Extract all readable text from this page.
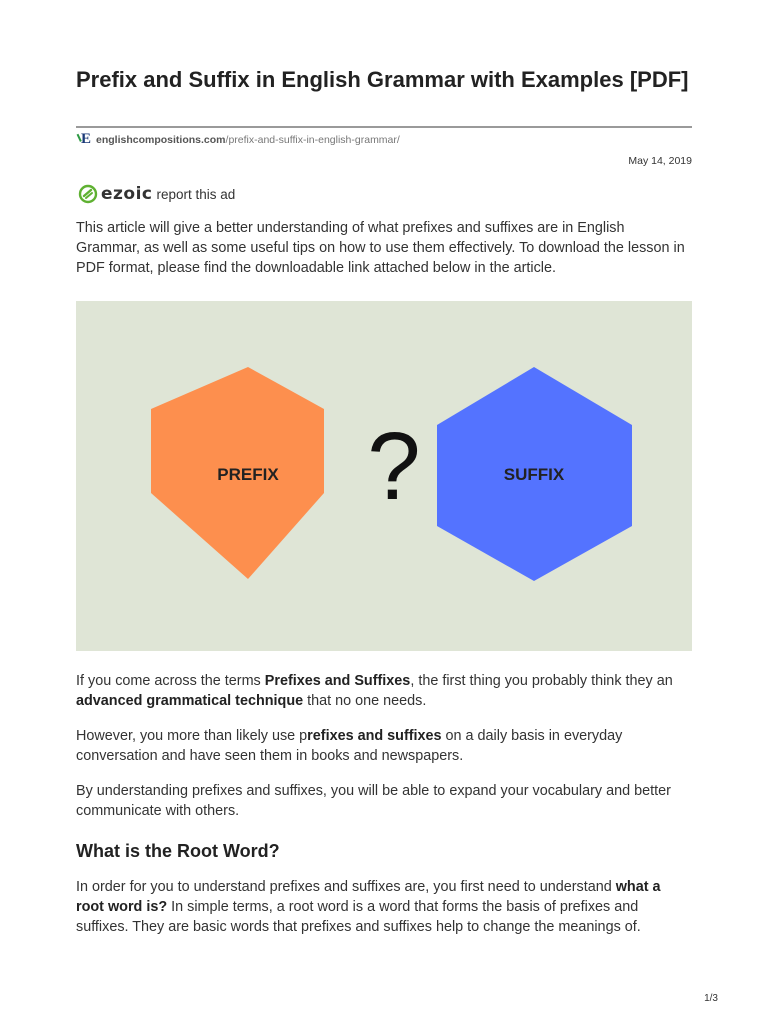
Prefix and Suffix in English Grammar with Examples [PDF]
E englishcompositions.com /prefix-and-suffix-in-english-grammar/
May 14, 2019
ezoic report this ad

This article will give a better understanding of what prefixes and suffixes are in English Grammar, as well as some useful tips on how to use them effectively. To download the lesson in PDF format, please find the downloadable link attached below in the article.

PREFIX ?	SUFFIX

If you come across the terms Prefixes and Suffixes, the first thing you probably think they an advanced grammatical technique that no one needs.

However, you more than likely use prefixes and suffixes on a daily basis in everyday conversation and have seen them in books and newspapers.

By understanding prefixes and suffixes, you will be able to expand your vocabulary and better communicate with others.

What is the Root Word?

In order for you to understand prefixes and suffixes are, you first need to understand what a root word is? In simple terms, a root word is a word that forms the basis of prefixes and suffixes. They are basic words that prefixes and suffixes help to change the meanings of.

1/3
